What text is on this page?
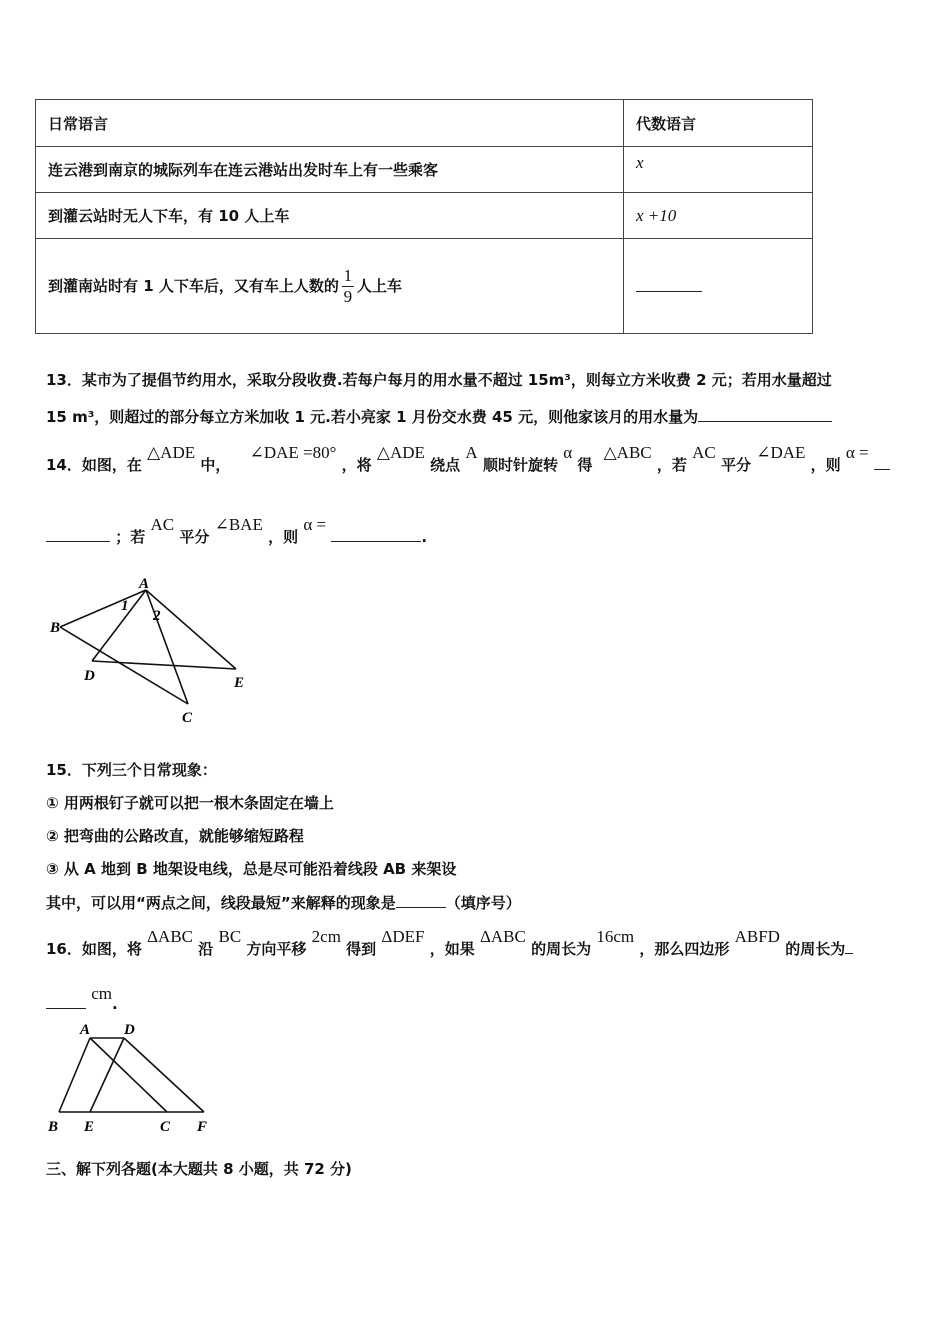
日常语言	代数语言
连云港到南京的城际列车在连云港站出发时车上有一些乘客	x
到灌云站时无人下车，有 10 人上车	x +10
到灌南站时有 1 人下车后，又有车上人数的 $\frac{1}{9}$ 人上车	
13．某市为了提倡节约用水，采取分段收费.若每户每月的用水量不超过 15m³，则每立方米收费 2 元；若用水量超过
15 m³，则超过的部分每立方米加收 1 元.若小亮家 1 月份交水费 45 元，则他家该月的用水量为
14．如图，在 △ADE 中， ∠DAE =80° ，将 △ADE 绕点 A 顺时针旋转 α 得 △ABC ，若 AC 平分 ∠DAE ，则 α =
；若 AC 平分 ∠BAE ，则 α = .
A
B
D	E
C
1
2
15．下列三个日常现象：
① 用两根钉子就可以把一根木条固定在墙上
② 把弯曲的公路改直，就能够缩短路程
③ 从 A 地到 B 地架设电线，总是尽可能沿着线段 AB 来架设
其中，可以用“两点之间，线段最短”来解释的现象是	（填序号）
16．如图，将 ΔABC 沿 BC 方向平移 2cm 得到 ΔDEF ，如果 ΔABC 的周长为 16cm ，那么四边形 ABFD 的周长为
cm.
A D
B E	C F
三、解下列各题(本大题共 8 小题，共 72 分)
